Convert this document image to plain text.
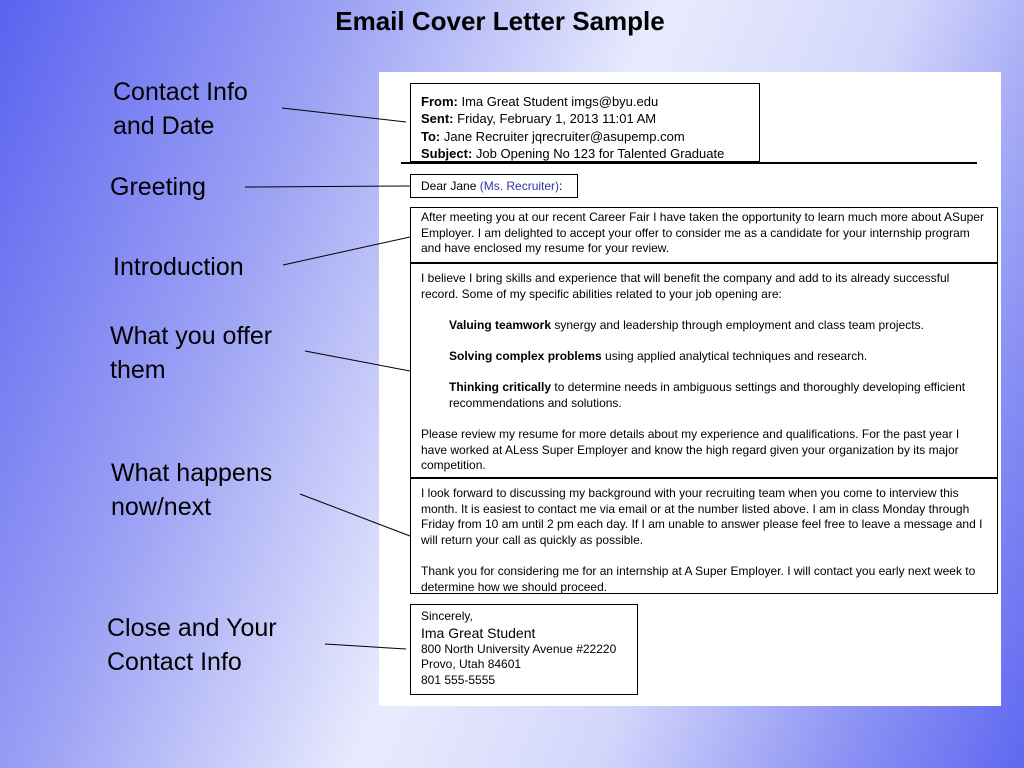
Email Cover Letter Sample
Contact Info
and Date
Greeting
Introduction
What you offer
them
What happens
now/next
Close and Your
Contact Info
From: Ima Great Student imgs@byu.edu
Sent: Friday, February 1, 2013 11:01 AM
To: Jane Recruiter jqrecruiter@asupemp.com
Subject: Job Opening No 123 for Talented Graduate
Dear Jane (Ms. Recruiter):

After meeting you at our recent Career Fair I have taken the opportunity to learn much more about ASuper Employer. I am delighted to accept your offer to consider me as a candidate for your internship program and have enclosed my resume for your review.

I believe I bring skills and experience that will benefit the company and add to its already successful record. Some of my specific abilities related to your job opening are:

Valuing teamwork synergy and leadership through employment and class team projects.

Solving complex problems using applied analytical techniques and research.

Thinking critically to determine needs in ambiguous settings and thoroughly developing efficient recommendations and solutions.

Please review my resume for more details about my experience and qualifications. For the past year I have worked at ALess Super Employer and know the high regard given your organization by its major competition.

I look forward to discussing my background with your recruiting team when you come to interview this month. It is easiest to contact me via email or at the number listed above. I am in class Monday through Friday from 10 am until 2 pm each day. If I am unable to answer please feel free to leave a message and I will return your call as quickly as possible.

Thank you for considering me for an internship at A Super Employer. I will contact you early next week to determine how we should proceed.

Sincerely,
Ima Great Student
800 North University Avenue #22220
Provo, Utah 84601
801 555-5555
